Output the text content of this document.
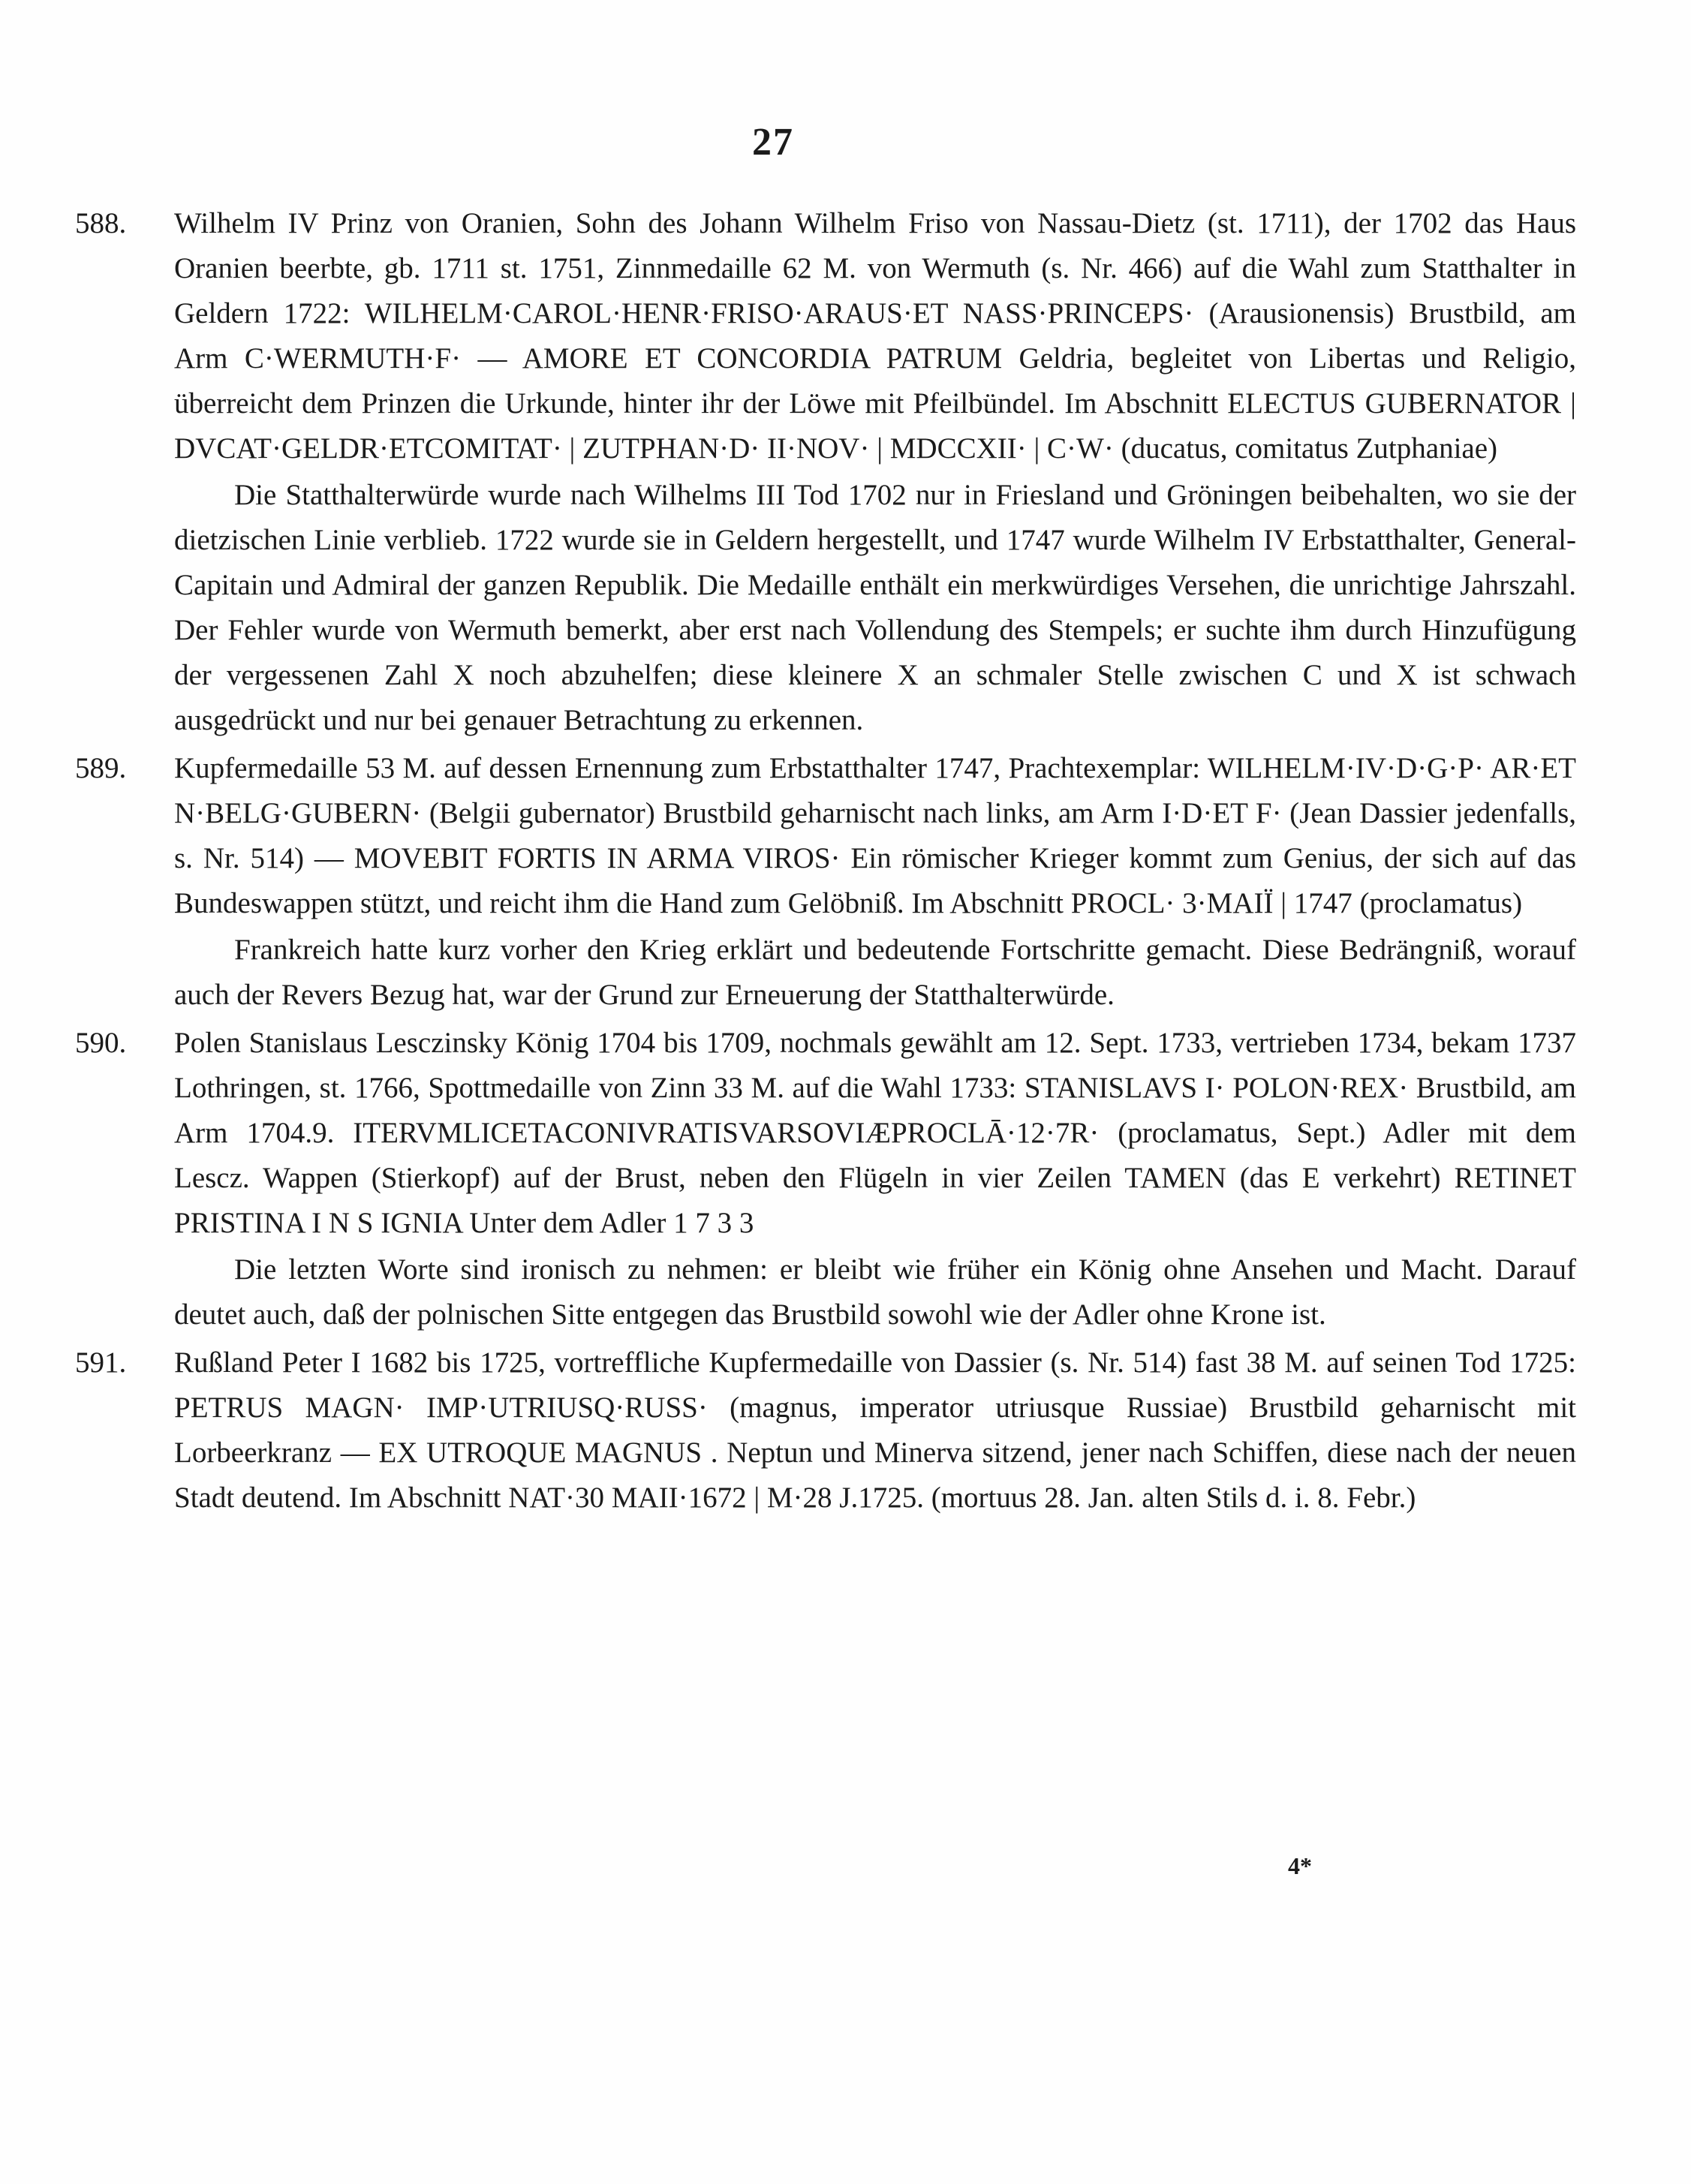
27
588. Wilhelm IV Prinz von Oranien, Sohn des Johann Wilhelm Friso von Nassau-Dietz (st. 1711), der 1702 das Haus Oranien beerbte, gb. 1711 st. 1751, Zinnmedaille 62 M. von Wermuth (s. Nr. 466) auf die Wahl zum Statthalter in Geldern 1722: WILHELM·CAROL·HENR·FRISO·ARAUS·ET NASS·PRINCEPS· (Arausionensis) Brustbild, am Arm C·WERMUTH·F· — AMORE ET CONCORDIA PATRUM Geldria, begleitet von Libertas und Religio, überreicht dem Prinzen die Urkunde, hinter ihr der Löwe mit Pfeilbündel. Im Abschnitt ELECTUS GUBERNATOR | DVCAT·GELDR·ETCOMITAT· | ZUTPHAN·D· II·NOV· | MDCCXII· | C·W· (ducatus, comitatus Zutphaniae)

Die Statthalterwürde wurde nach Wilhelms III Tod 1702 nur in Friesland und Gröningen beibehalten, wo sie der dietzischen Linie verblieb. 1722 wurde sie in Geldern hergestellt, und 1747 wurde Wilhelm IV Erbstatthalter, General-Capitain und Admiral der ganzen Republik. Die Medaille enthält ein merkwürdiges Versehen, die unrichtige Jahrszahl. Der Fehler wurde von Wermuth bemerkt, aber erst nach Vollendung des Stempels; er suchte ihm durch Hinzufügung der vergessenen Zahl X noch abzuhelfen; diese kleinere X an schmaler Stelle zwischen C und X ist schwach ausgedrückt und nur bei genauer Betrachtung zu erkennen.

589. Kupfermedaille 53 M. auf dessen Ernennung zum Erbstatthalter 1747, Prachtexemplar: WILHELM·IV·D·G·P· AR·ET N·BELG·GUBERN· (Belgii gubernator) Brustbild geharnischt nach links, am Arm I·D·ET F· (Jean Dassier jedenfalls, s. Nr. 514) — MOVEBIT FORTIS IN ARMA VIROS· Ein römischer Krieger kommt zum Genius, der sich auf das Bundeswappen stützt, und reicht ihm die Hand zum Gelöbniß. Im Abschnitt PROCL· 3·MAIÏ | 1747 (proclamatus)

Frankreich hatte kurz vorher den Krieg erklärt und bedeutende Fortschritte gemacht. Diese Bedrängniß, worauf auch der Revers Bezug hat, war der Grund zur Erneuerung der Statthalterwürde.

590. Polen Stanislaus Lesczinsky König 1704 bis 1709, nochmals gewählt am 12. Sept. 1733, vertrieben 1734, bekam 1737 Lothringen, st. 1766, Spottmedaille von Zinn 33 M. auf die Wahl 1733: STANISLAVS I· POLON·REX· Brustbild, am Arm 1704.9. ITERVMLICETACONIVRATISVARSOVIÆPROCLĀ·12·7R· (proclamatus, Sept.) Adler mit dem Lescz. Wappen (Stierkopf) auf der Brust, neben den Flügeln in vier Zeilen TAMEN (das E verkehrt) RETINET PRISTINA I N S IGNIA Unter dem Adler 1 7 3 3

Die letzten Worte sind ironisch zu nehmen: er bleibt wie früher ein König ohne Ansehen und Macht. Darauf deutet auch, daß der polnischen Sitte entgegen das Brustbild sowohl wie der Adler ohne Krone ist.

591. Rußland Peter I 1682 bis 1725, vortreffliche Kupfermedaille von Dassier (s. Nr. 514) fast 38 M. auf seinen Tod 1725: PETRUS MAGN· IMP·UTRIUSQ·RUSS· (magnus, imperator utriusque Russiae) Brustbild geharnischt mit Lorbeerkranz — EX UTROQUE MAGNUS . Neptun und Minerva sitzend, jener nach Schiffen, diese nach der neuen Stadt deutend. Im Abschnitt NAT·30 MAII·1672 | M·28 J.1725. (mortuus 28. Jan. alten Stils d. i. 8. Febr.)

4*
